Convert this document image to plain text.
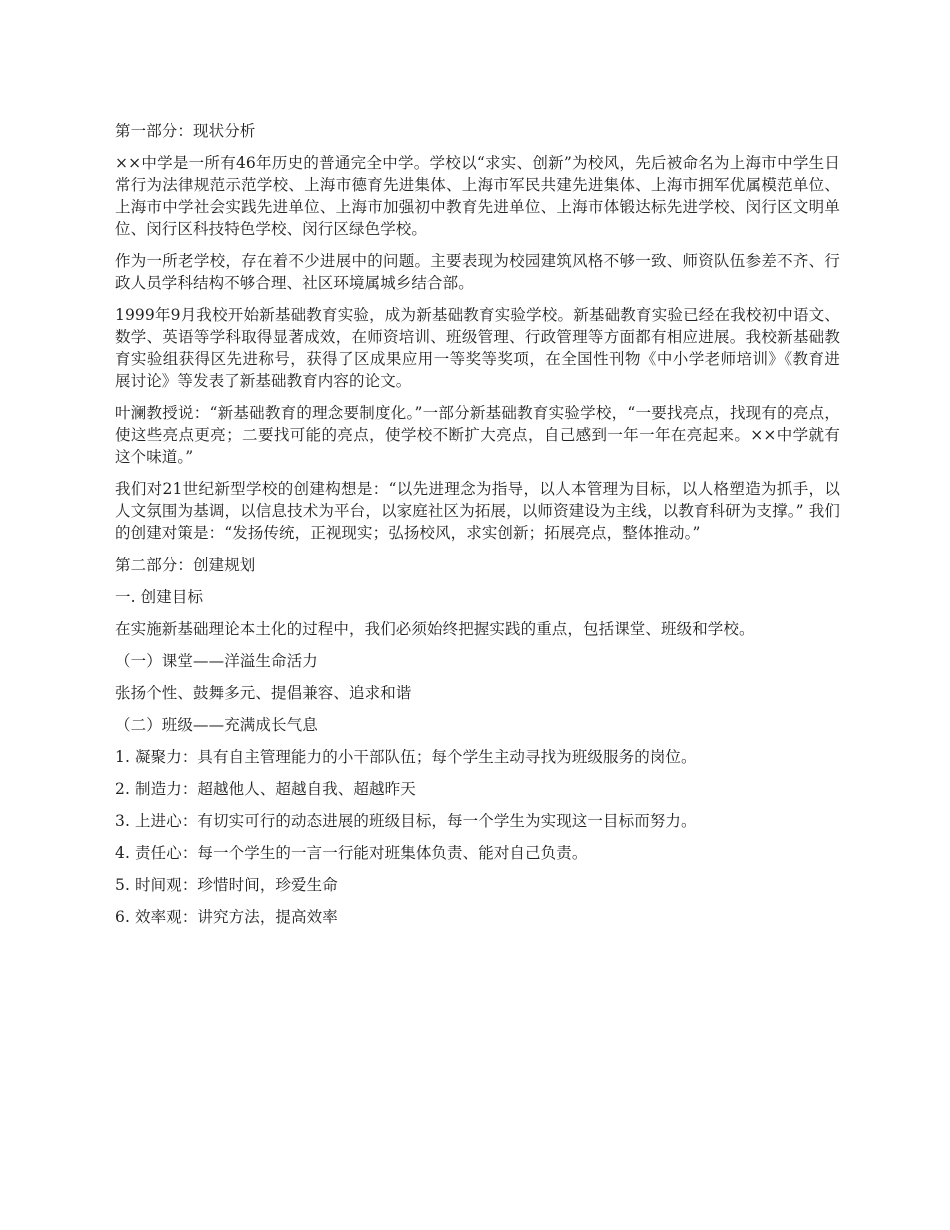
第一部分：现状分析

××中学是一所有46年历史的普通完全中学。学校以“求实、创新”为校风，先后被命名为上海市中学生日常行为法律规范示范学校、上海市德育先进集体、上海市军民共建先进集体、上海市拥军优属模范单位、上海市中学社会实践先进单位、上海市加强初中教育先进单位、上海市体锻达标先进学校、闵行区文明单位、闵行区科技特色学校、闵行区绿色学校。

作为一所老学校，存在着不少进展中的问题。主要表现为校园建筑风格不够一致、师资队伍参差不齐、行政人员学科结构不够合理、社区环境属城乡结合部。

1999年9月我校开始新基础教育实验，成为新基础教育实验学校。新基础教育实验已经在我校初中语文、数学、英语等学科取得显著成效，在师资培训、班级管理、行政管理等方面都有相应进展。我校新基础教育实验组获得区先进称号，获得了区成果应用一等奖等奖项，在全国性刊物《中小学老师培训》《教育进展讨论》等发表了新基础教育内容的论文。

叶澜教授说：“新基础教育的理念要制度化。”一部分新基础教育实验学校，“一要找亮点，找现有的亮点，使这些亮点更亮；二要找可能的亮点，使学校不断扩大亮点，自己感到一年一年在亮起来。××中学就有这个味道。”

我们对21世纪新型学校的创建构想是：“以先进理念为指导，以人本管理为目标，以人格塑造为抓手，以人文氛围为基调，以信息技术为平台，以家庭社区为拓展，以师资建设为主线，以教育科研为支撑。” 我们的创建对策是：“发扬传统，正视现实；弘扬校风，求实创新；拓展亮点，整体推动。”

第二部分：创建规划

一. 创建目标

在实施新基础理论本土化的过程中，我们必须始终把握实践的重点，包括课堂、班级和学校。

（一）课堂——洋溢生命活力

张扬个性、鼓舞多元、提倡兼容、追求和谐

（二）班级——充满成长气息

1. 凝聚力：具有自主管理能力的小干部队伍；每个学生主动寻找为班级服务的岗位。

2. 制造力：超越他人、超越自我、超越昨天

3. 上进心：有切实可行的动态进展的班级目标，每一个学生为实现这一目标而努力。

4. 责任心：每一个学生的一言一行能对班集体负责、能对自己负责。

5. 时间观：珍惜时间，珍爱生命

6. 效率观：讲究方法，提高效率
